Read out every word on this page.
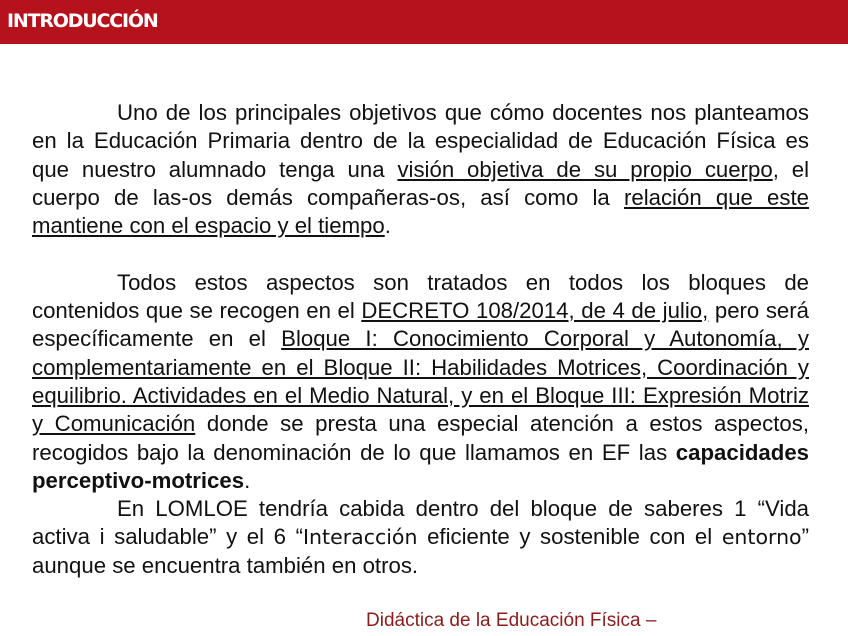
INTRODUCCIÓN

Uno de los principales objetivos que cómo docentes nos planteamos en la Educación Primaria dentro de la especialidad de Educación Física es que nuestro alumnado tenga una visión objetiva de su propio cuerpo, el cuerpo de las-os demás compañeras-os, así como la relación que este mantiene con el espacio y el tiempo.

Todos estos aspectos son tratados en todos los bloques de contenidos que se recogen en el DECRETO 108/2014, de 4 de julio, pero será específicamente en el Bloque I: Conocimiento Corporal y Autonomía, y complementariamente en el Bloque II: Habilidades Motrices, Coordinación y equilibrio. Actividades en el Medio Natural, y en el Bloque III: Expresión Motriz y Comunicación donde se presta una especial atención a estos aspectos, recogidos bajo la denominación de lo que llamamos en EF las capacidades perceptivo-motrices.

En LOMLOE tendría cabida dentro del bloque de saberes 1 “Vida activa i saludable” y el 6 “Interacción eficiente y sostenible con el entorno” aunque se encuentra también en otros.

Didáctica de la Educación Física –
